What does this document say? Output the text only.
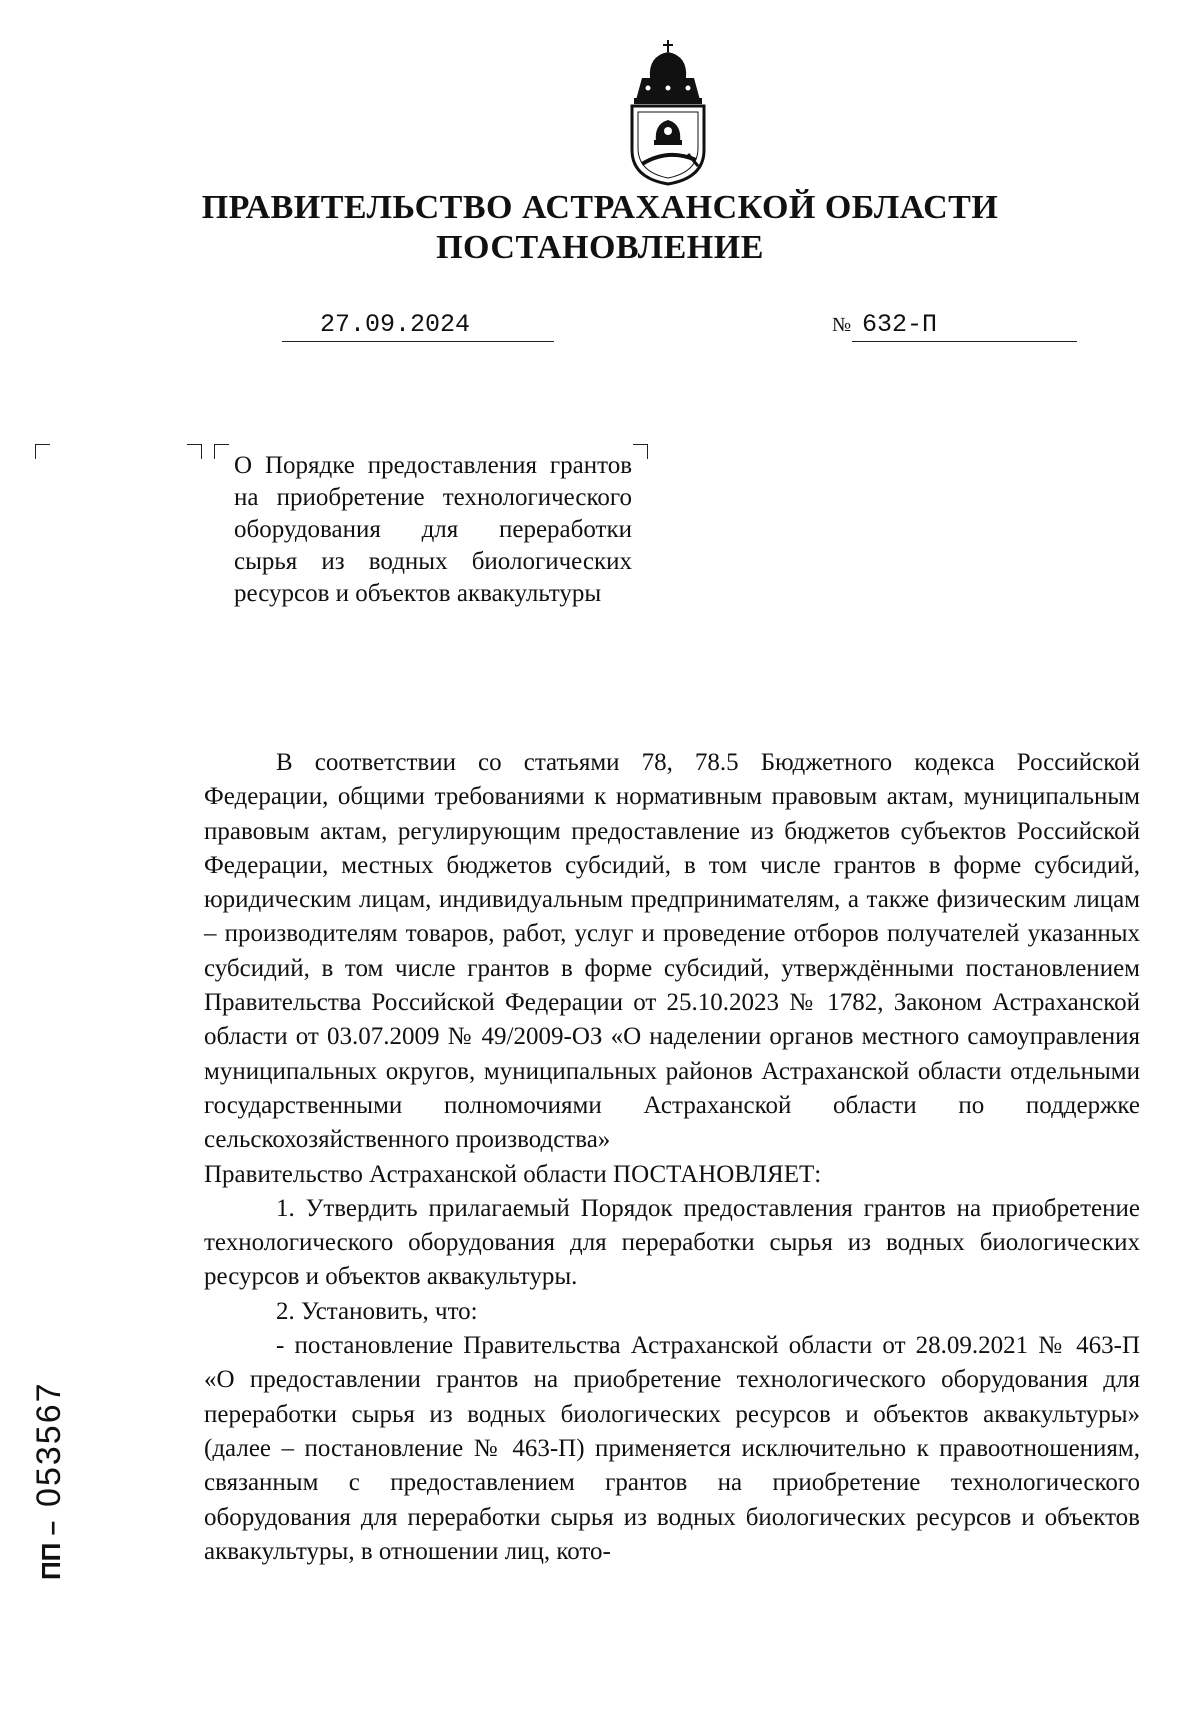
ПРАВИТЕЛЬСТВО АСТРАХАНСКОЙ ОБЛАСТИ
ПОСТАНОВЛЕНИЕ
27.09.2024	№ 632-П

О Порядке предоставления грантов на приобретение технологического оборудования для переработки сырья из водных биологических ресурсов и объектов аквакультуры

В соответствии со статьями 78, 78.5 Бюджетного кодекса Российской Федерации, общими требованиями к нормативным правовым актам, муниципальным правовым актам, регулирующим предоставление из бюджетов субъектов Российской Федерации, местных бюджетов субсидий, в том числе грантов в форме субсидий, юридическим лицам, индивидуальным предпринимателям, а также физическим лицам – производителям товаров, работ, услуг и проведение отборов получателей указанных субсидий, в том числе грантов в форме субсидий, утверждёнными постановлением Правительства Российской Федерации от 25.10.2023 № 1782, Законом Астраханской области от 03.07.2009 № 49/2009-ОЗ «О наделении органов местного самоуправления муниципальных округов, муниципальных районов Астраханской области отдельными государственными полномочиями Астраханской области по поддержке сельскохозяйственного производства»

Правительство Астраханской области ПОСТАНОВЛЯЕТ:

1. Утвердить прилагаемый Порядок предоставления грантов на приобретение технологического оборудования для переработки сырья из водных биологических ресурсов и объектов аквакультуры.

2. Установить, что:

- постановление Правительства Астраханской области от 28.09.2021 № 463-П «О предоставлении грантов на приобретение технологического оборудования для переработки сырья из водных биологических ресурсов и объектов аквакультуры» (далее – постановление № 463-П) применяется исключительно к правоотношениям, связанным с предоставлением грантов на приобретение технологического оборудования для переработки сырья из водных биологических ресурсов и объектов аквакультуры, в отношении лиц, кото-

ПП –
053567
